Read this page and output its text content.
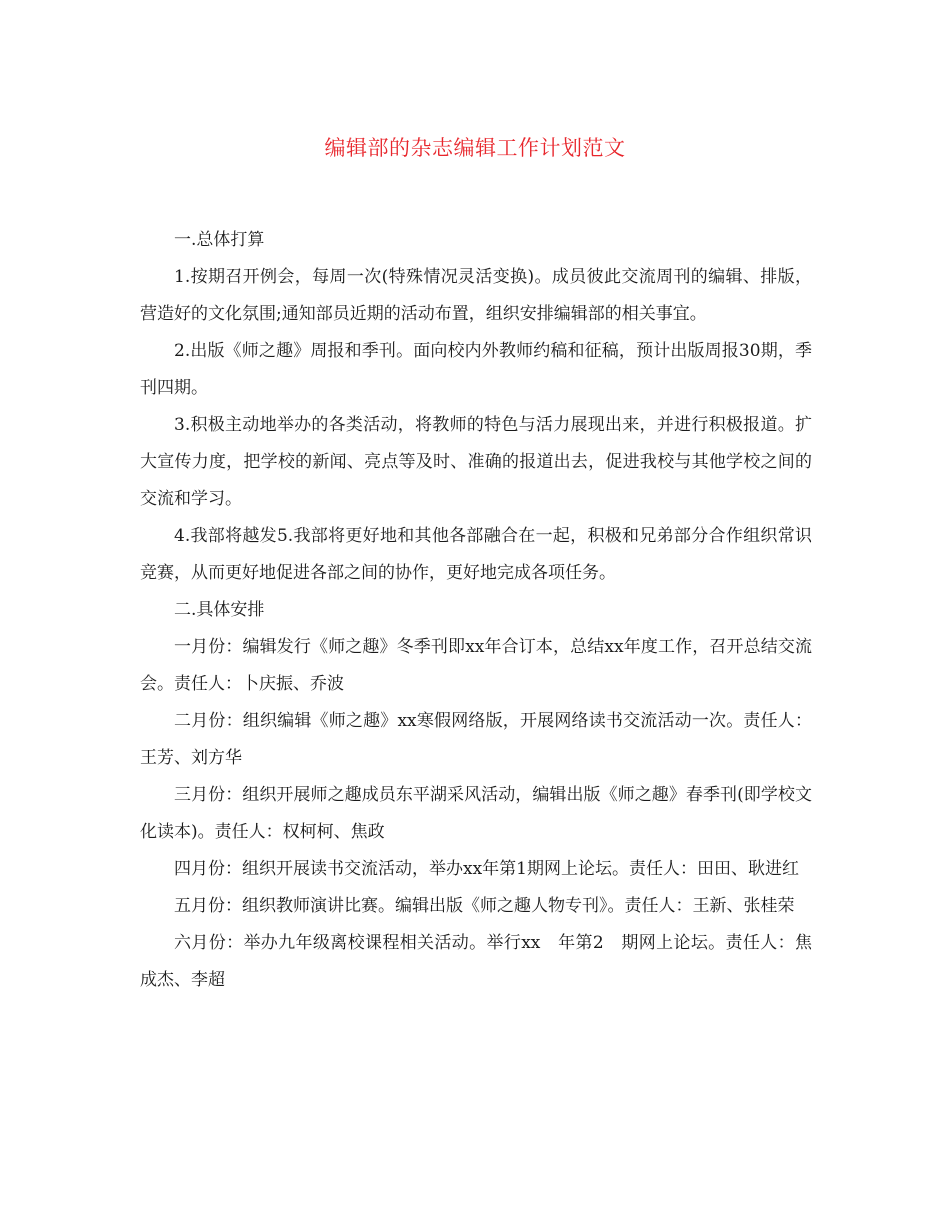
编辑部的杂志编辑工作计划范文

一.总体打算

1.按期召开例会，每周一次(特殊情况灵活变换)。成员彼此交流周刊的编辑、排版，营造好的文化氛围;通知部员近期的活动布置，组织安排编辑部的相关事宜。

2.出版《师之趣》周报和季刊。面向校内外教师约稿和征稿，预计出版周报30期，季刊四期。

3.积极主动地举办的各类活动，将教师的特色与活力展现出来，并进行积极报道。扩大宣传力度，把学校的新闻、亮点等及时、准确的报道出去，促进我校与其他学校之间的交流和学习。

4.我部将越发5.我部将更好地和其他各部融合在一起，积极和兄弟部分合作组织常识竞赛，从而更好地促进各部之间的协作，更好地完成各项任务。

二.具体安排

一月份：编辑发行《师之趣》冬季刊即xx年合订本，总结xx年度工作，召开总结交流会。责任人：卜庆振、乔波

二月份：组织编辑《师之趣》xx寒假网络版，开展网络读书交流活动一次。责任人：王芳、刘方华

三月份：组织开展师之趣成员东平湖采风活动，编辑出版《师之趣》春季刊(即学校文化读本)。责任人：权柯柯、焦政

四月份：组织开展读书交流活动，举办xx年第1期网上论坛。责任人：田田、耿进红

五月份：组织教师演讲比赛。编辑出版《师之趣人物专刊》。责任人：王新、张桂荣

六月份：举办九年级离校课程相关活动。举行xx　年第2　期网上论坛。责任人：焦成杰、李超
